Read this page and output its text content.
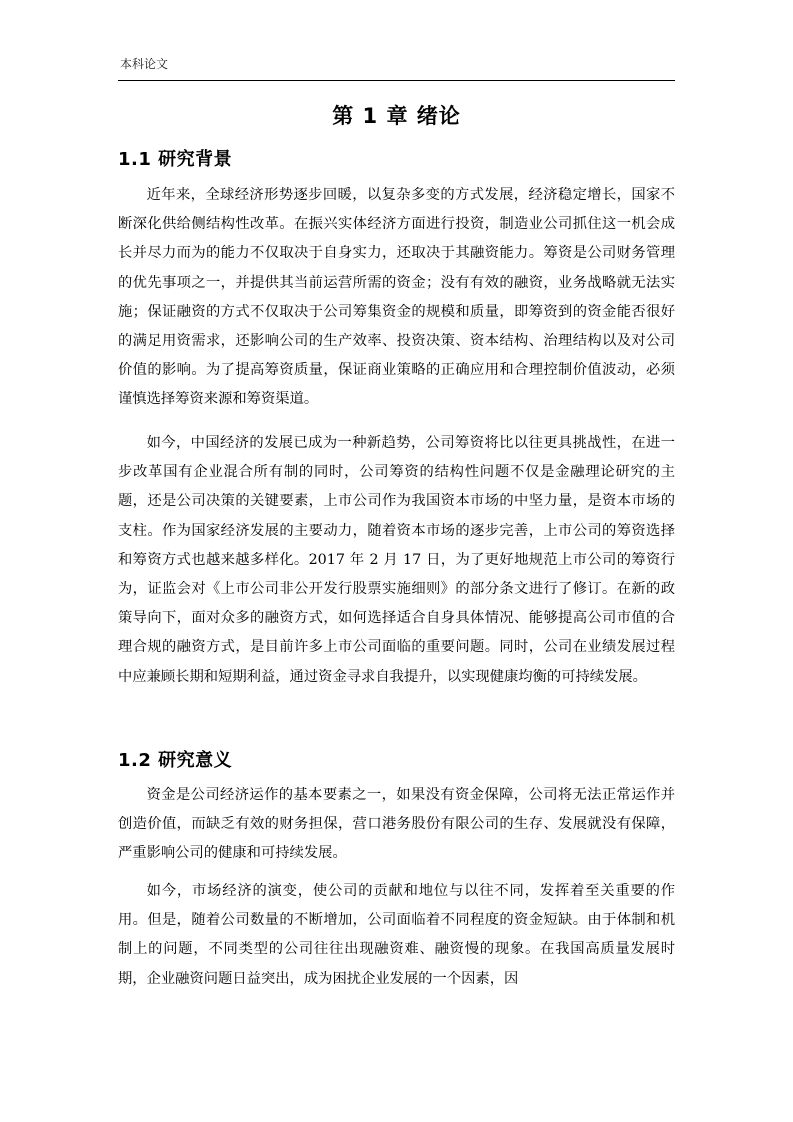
本科论文
第 1 章 绪论
1.1 研究背景

近年来，全球经济形势逐步回暖，以复杂多变的方式发展，经济稳定增长，国家不断深化供给侧结构性改革。在振兴实体经济方面进行投资，制造业公司抓住这一机会成长并尽力而为的能力不仅取决于自身实力，还取决于其融资能力。筹资是公司财务管理的优先事项之一，并提供其当前运营所需的资金；没有有效的融资，业务战略就无法实施；保证融资的方式不仅取决于公司筹集资金的规模和质量，即筹资到的资金能否很好的满足用资需求，还影响公司的生产效率、投资决策、资本结构、治理结构以及对公司价值的影响。为了提高筹资质量，保证商业策略的正确应用和合理控制价值波动，必须谨慎选择筹资来源和筹资渠道。

如今，中国经济的发展已成为一种新趋势，公司筹资将比以往更具挑战性，在进一步改革国有企业混合所有制的同时，公司筹资的结构性问题不仅是金融理论研究的主题，还是公司决策的关键要素，上市公司作为我国资本市场的中坚力量，是资本市场的支柱。作为国家经济发展的主要动力，随着资本市场的逐步完善，上市公司的筹资选择和筹资方式也越来越多样化。2017 年 2 月 17 日，为了更好地规范上市公司的筹资行为，证监会对《上市公司非公开发行股票实施细则》的部分条文进行了修订。在新的政策导向下，面对众多的融资方式，如何选择适合自身具体情况、能够提高公司市值的合理合规的融资方式，是目前许多上市公司面临的重要问题。同时，公司在业绩发展过程中应兼顾长期和短期利益，通过资金寻求自我提升，以实现健康均衡的可持续发展。

1.2 研究意义

资金是公司经济运作的基本要素之一，如果没有资金保障，公司将无法正常运作并创造价值，而缺乏有效的财务担保，营口港务股份有限公司的生存、发展就没有保障，严重影响公司的健康和可持续发展。

如今，市场经济的演变，使公司的贡献和地位与以往不同，发挥着至关重要的作用。但是，随着公司数量的不断增加，公司面临着不同程度的资金短缺。由于体制和机制上的问题，不同类型的公司往往出现融资难、融资慢的现象。在我国高质量发展时期，企业融资问题日益突出，成为困扰企业发展的一个因素，因
